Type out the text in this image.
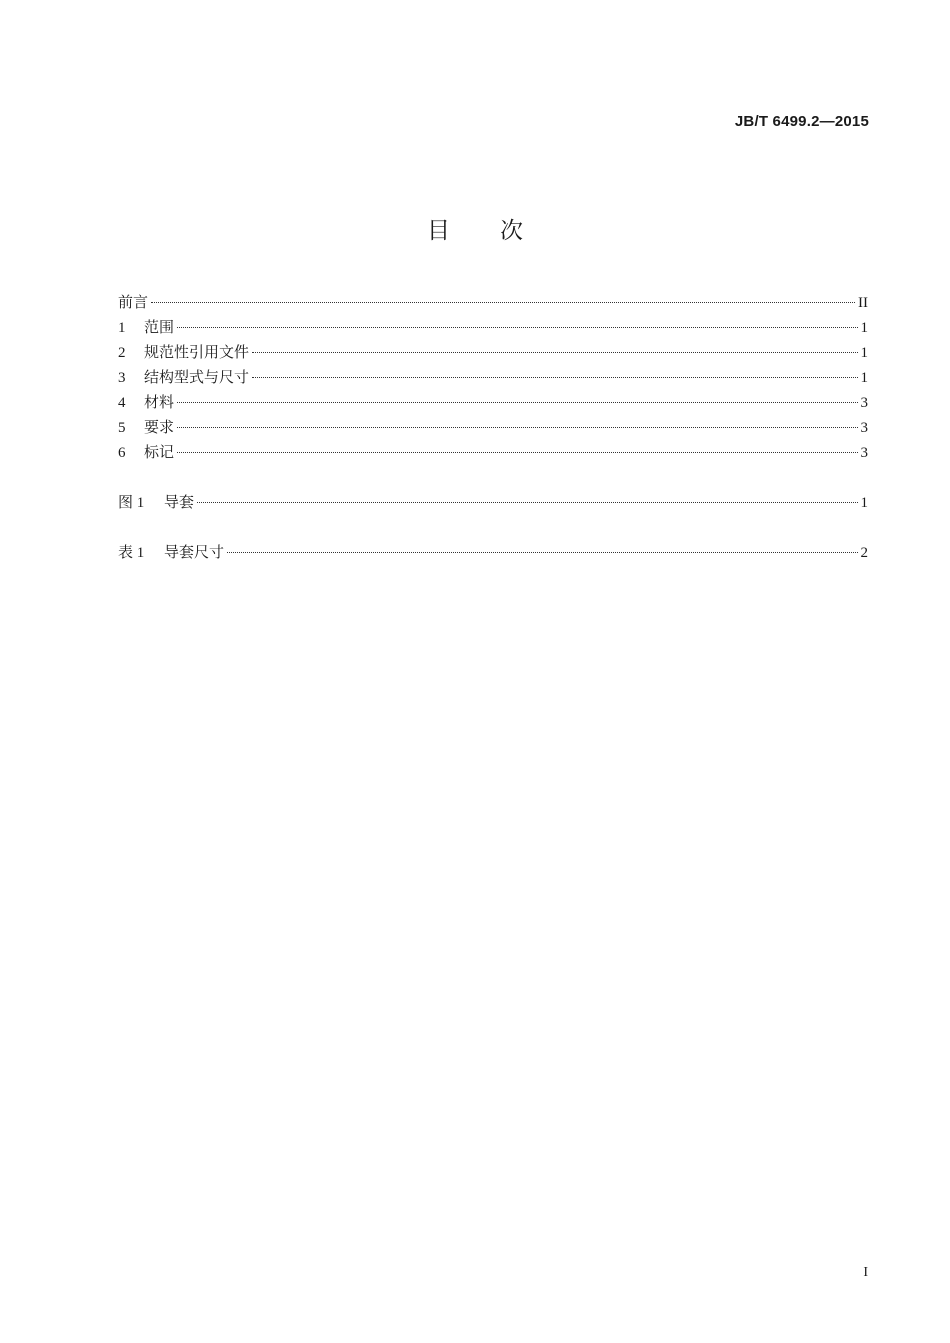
JB/T 6499.2—2015
目次
前言	II
1	范围	1
2	规范性引用文件	1
3	结构型式与尺寸	1
4	材料	3
5	要求	3
6	标记	3
图 1	导套	1
表 1	导套尺寸	2
I
